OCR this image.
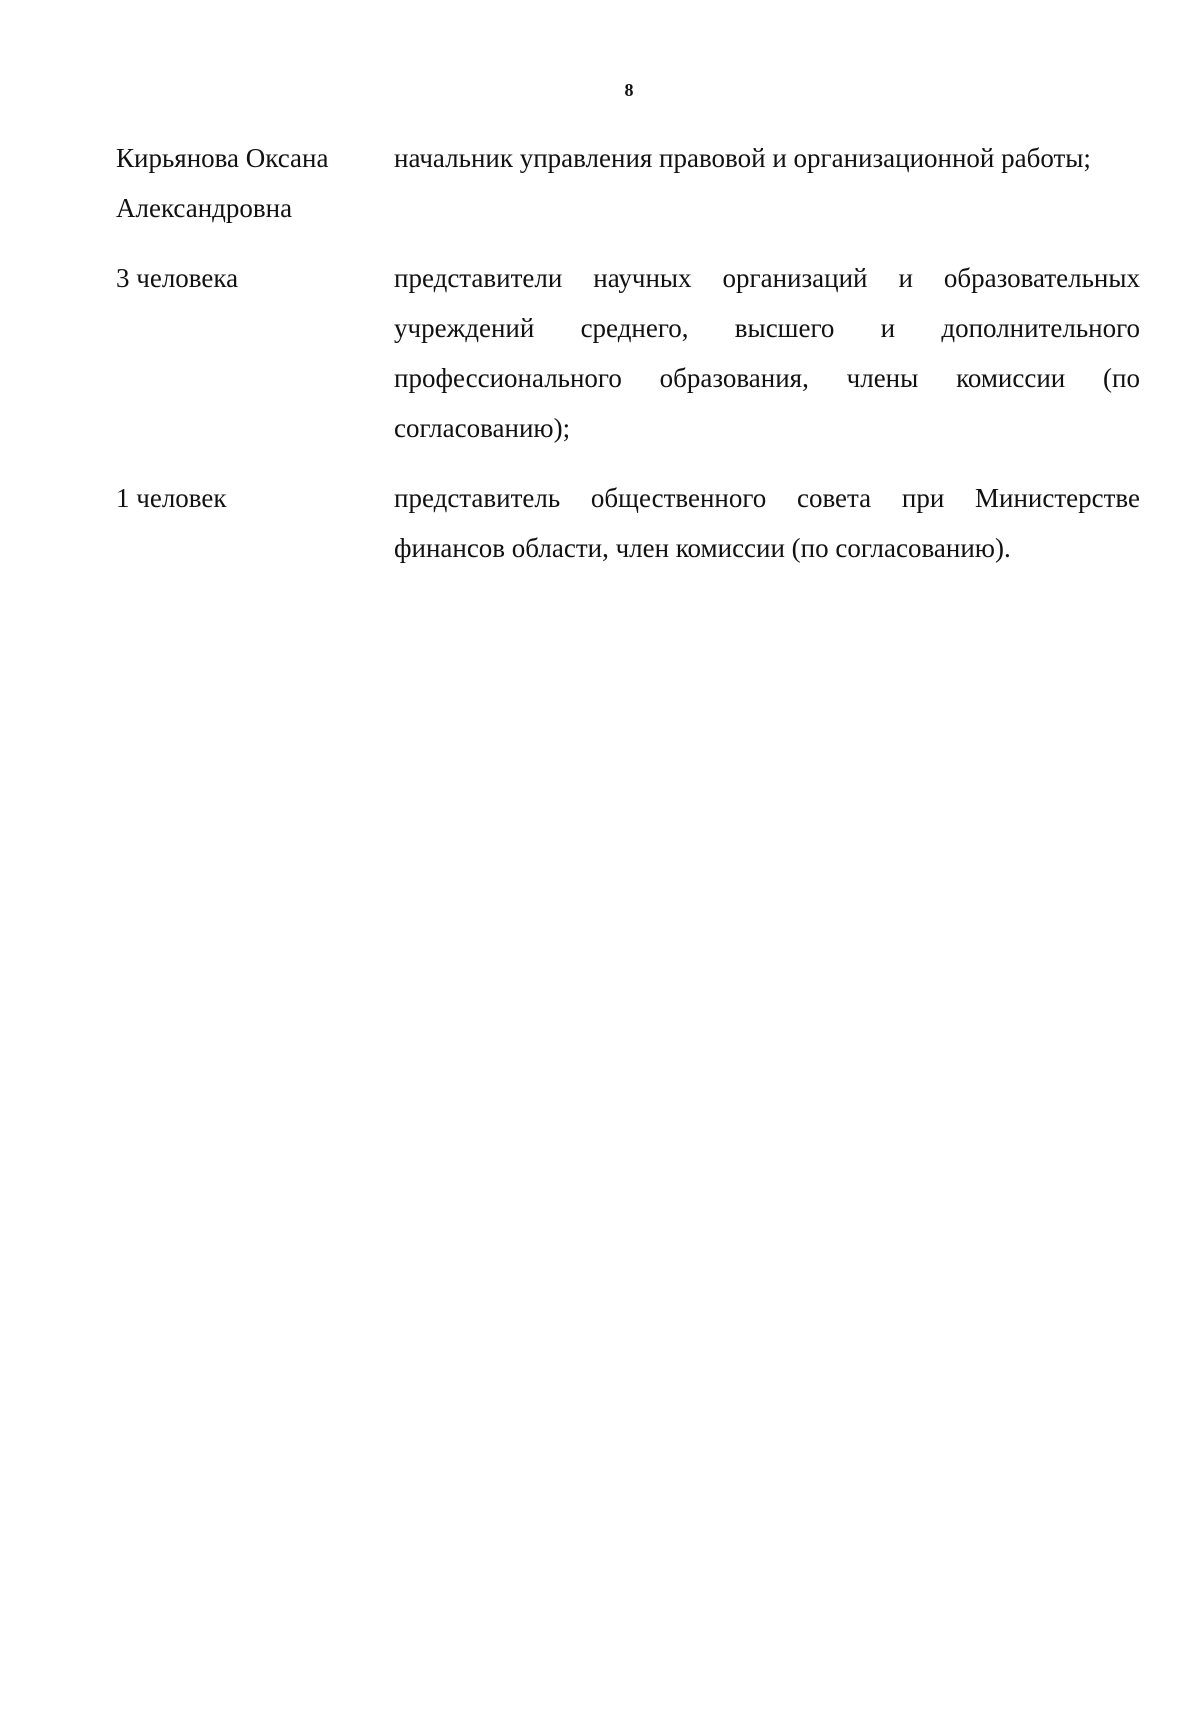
8
Кирьянова Оксана Александровна
начальник управления правовой и организационной работы;
3 человека	представители научных организаций и образовательных учреждений среднего, высшего и дополнительного профессионального образования, члены комиссии (по согласованию);
1 человек	представитель общественного совета при Министерстве финансов области, член комиссии (по согласованию).
